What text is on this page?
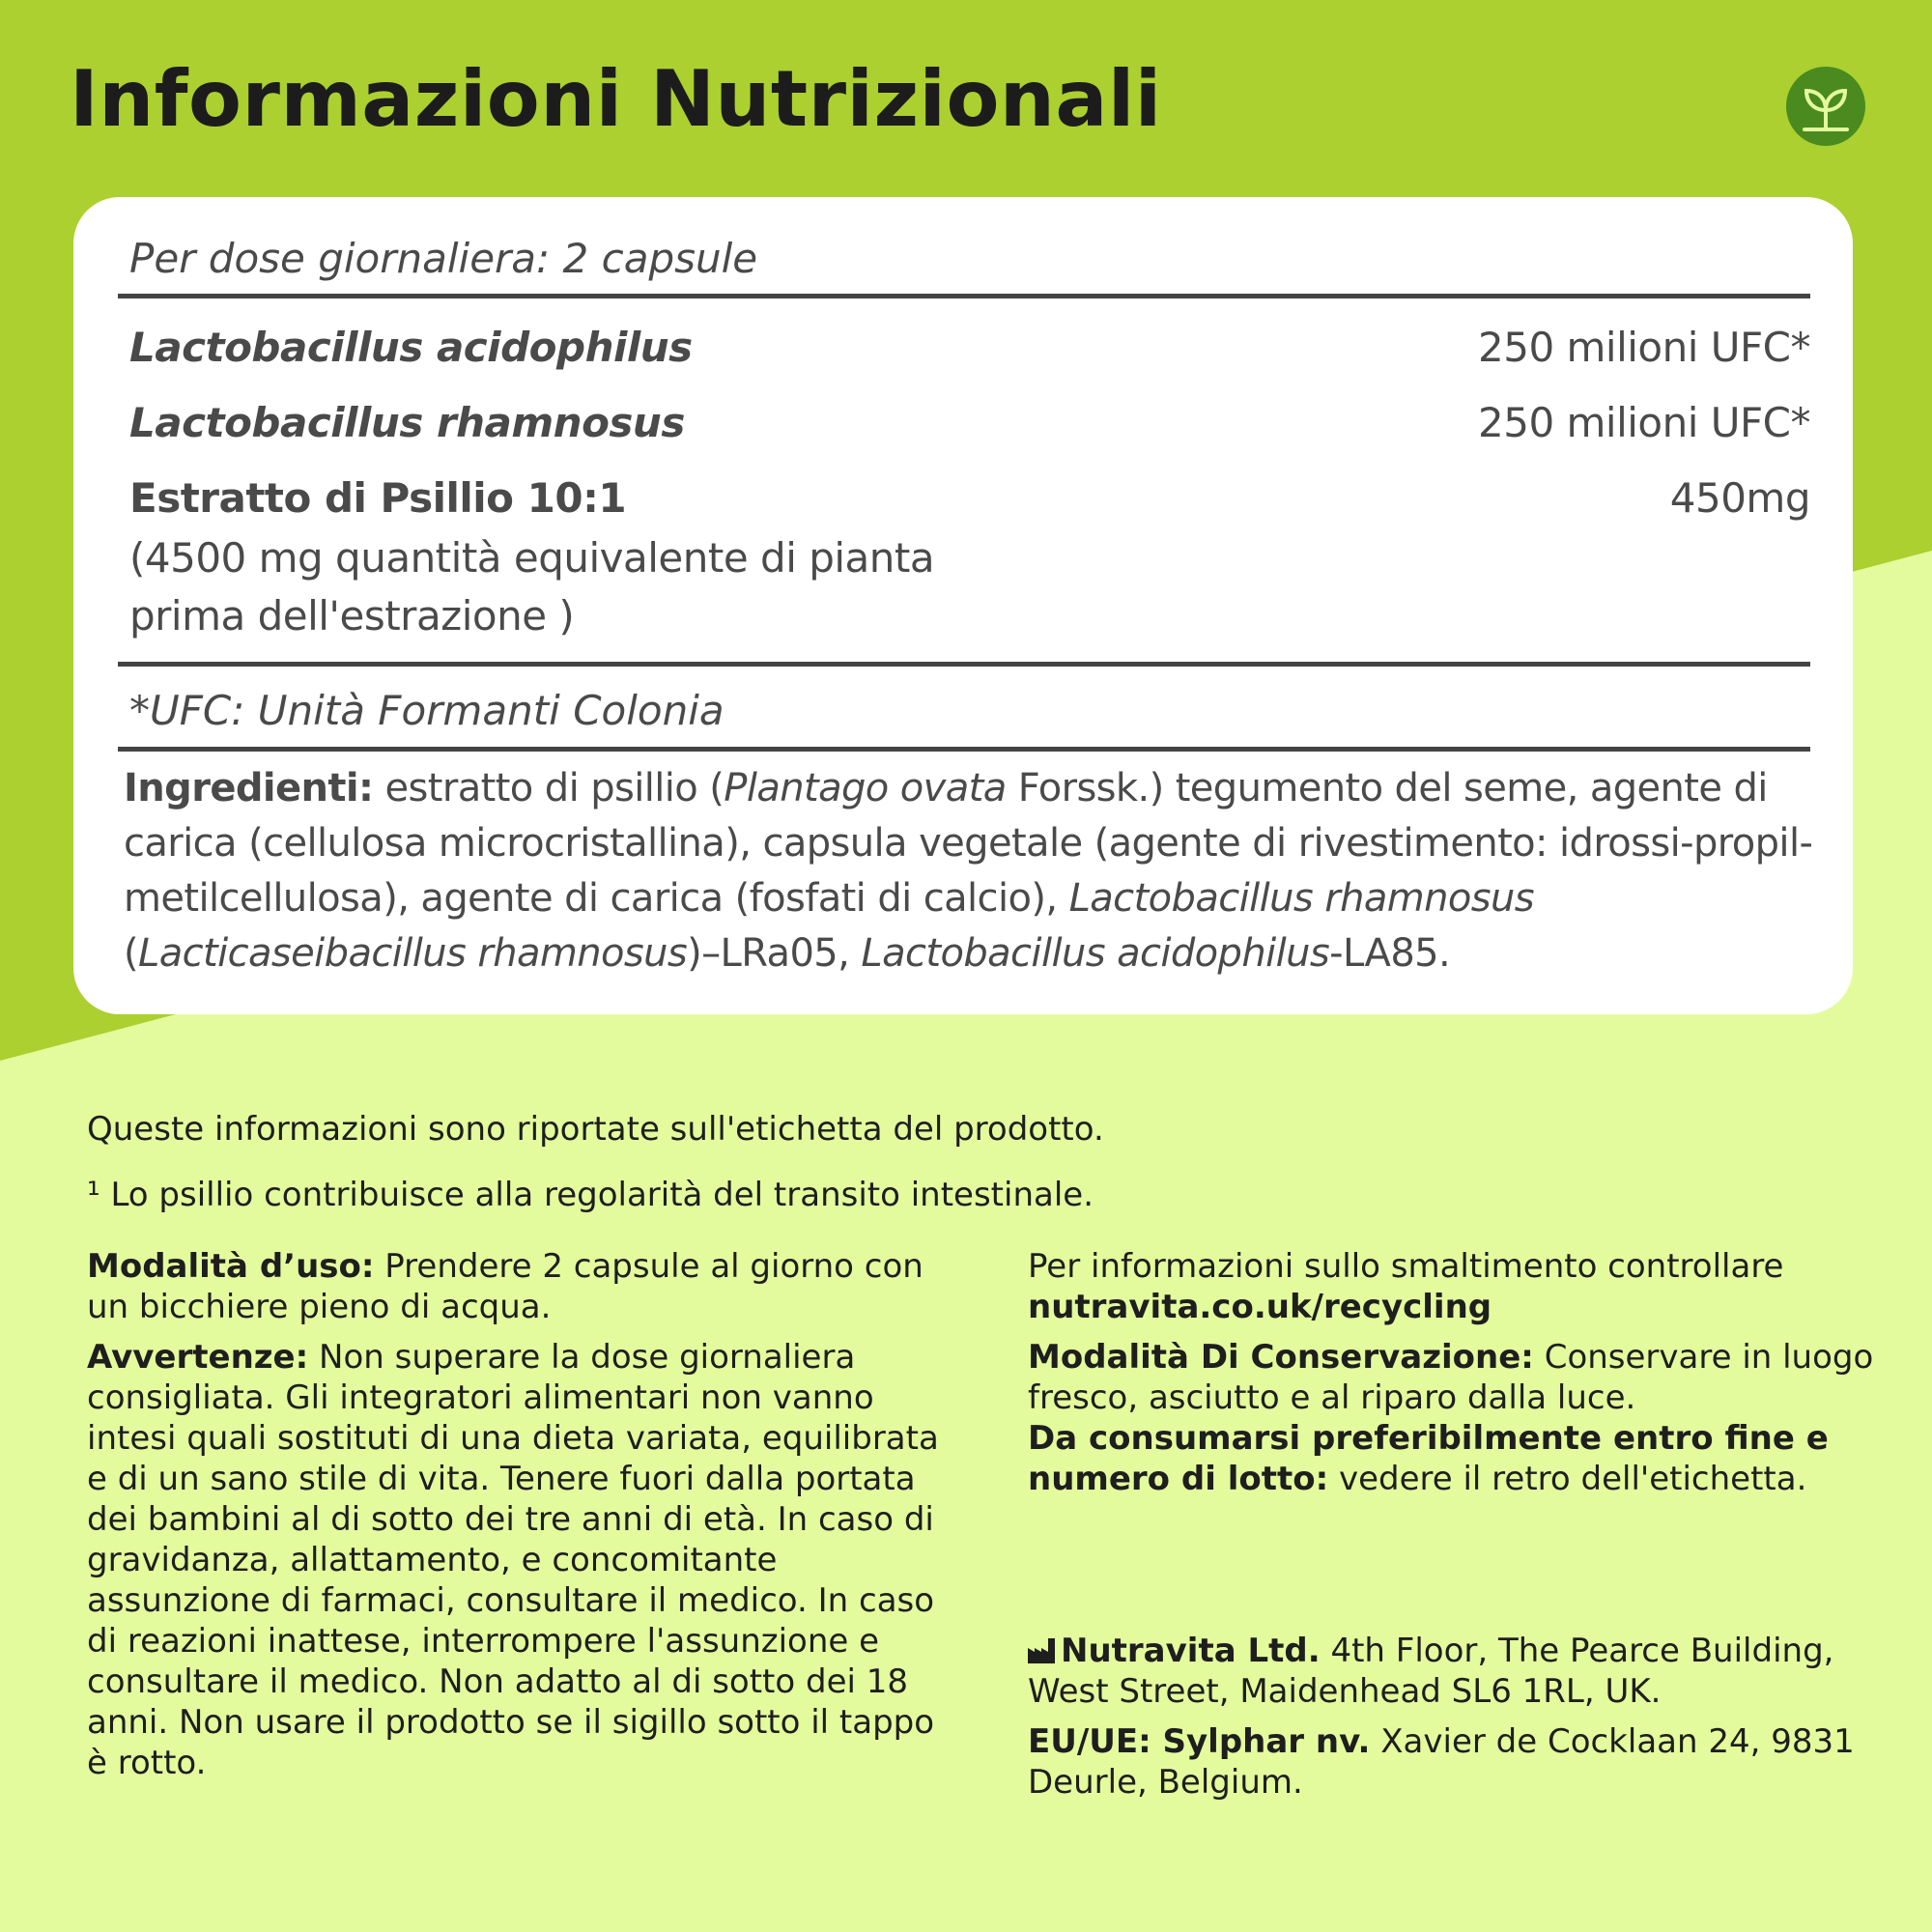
Informazioni Nutrizionali
Per dose giornaliera: 2 capsule
Lactobacillus acidophilus	250 milioni UFC*
Lactobacillus rhamnosus	250 milioni UFC*
Estratto di Psillio 10:1
(4500 mg quantità equivalente di pianta prima dell'estrazione )
450mg
*UFC: Unità Formanti Colonia

Ingredienti: estratto di psillio (Plantago ovata Forssk.) tegumento del seme, agente di carica (cellulosa microcristallina), capsula vegetale (agente di rivestimento: idrossi-propil-metilcellulosa), agente di carica (fosfati di calcio), Lactobacillus rhamnosus (Lacticaseibacillus rhamnosus)–LRa05, Lactobacillus acidophilus-LA85.

Queste informazioni sono riportate sull'etichetta del prodotto.
¹ Lo psillio contribuisce alla regolarità del transito intestinale.

Modalità d’uso: Prendere 2 capsule al giorno con un bicchiere pieno di acqua.

Avvertenze: Non superare la dose giornaliera consigliata. Gli integratori alimentari non vanno intesi quali sostituti di una dieta variata, equilibrata e di un sano stile di vita. Tenere fuori dalla portata dei bambini al di sotto dei tre anni di età. In caso di gravidanza, allattamento, e concomitante assunzione di farmaci, consultare il medico. In caso di reazioni inattese, interrompere l'assunzione e consultare il medico. Non adatto al di sotto dei 18 anni. Non usare il prodotto se il sigillo sotto il tappo è rotto.

Per informazioni sullo smaltimento controllare nutravita.co.uk/recycling

Modalità Di Conservazione: Conservare in luogo fresco, asciutto e al riparo dalla luce.
Da consumarsi preferibilmente entro fine e numero di lotto: vedere il retro dell'etichetta.

Nutravita Ltd. 4th Floor, The Pearce Building, West Street, Maidenhead SL6 1RL, UK.

EU/UE: Sylphar nv. Xavier de Cocklaan 24, 9831 Deurle, Belgium.
